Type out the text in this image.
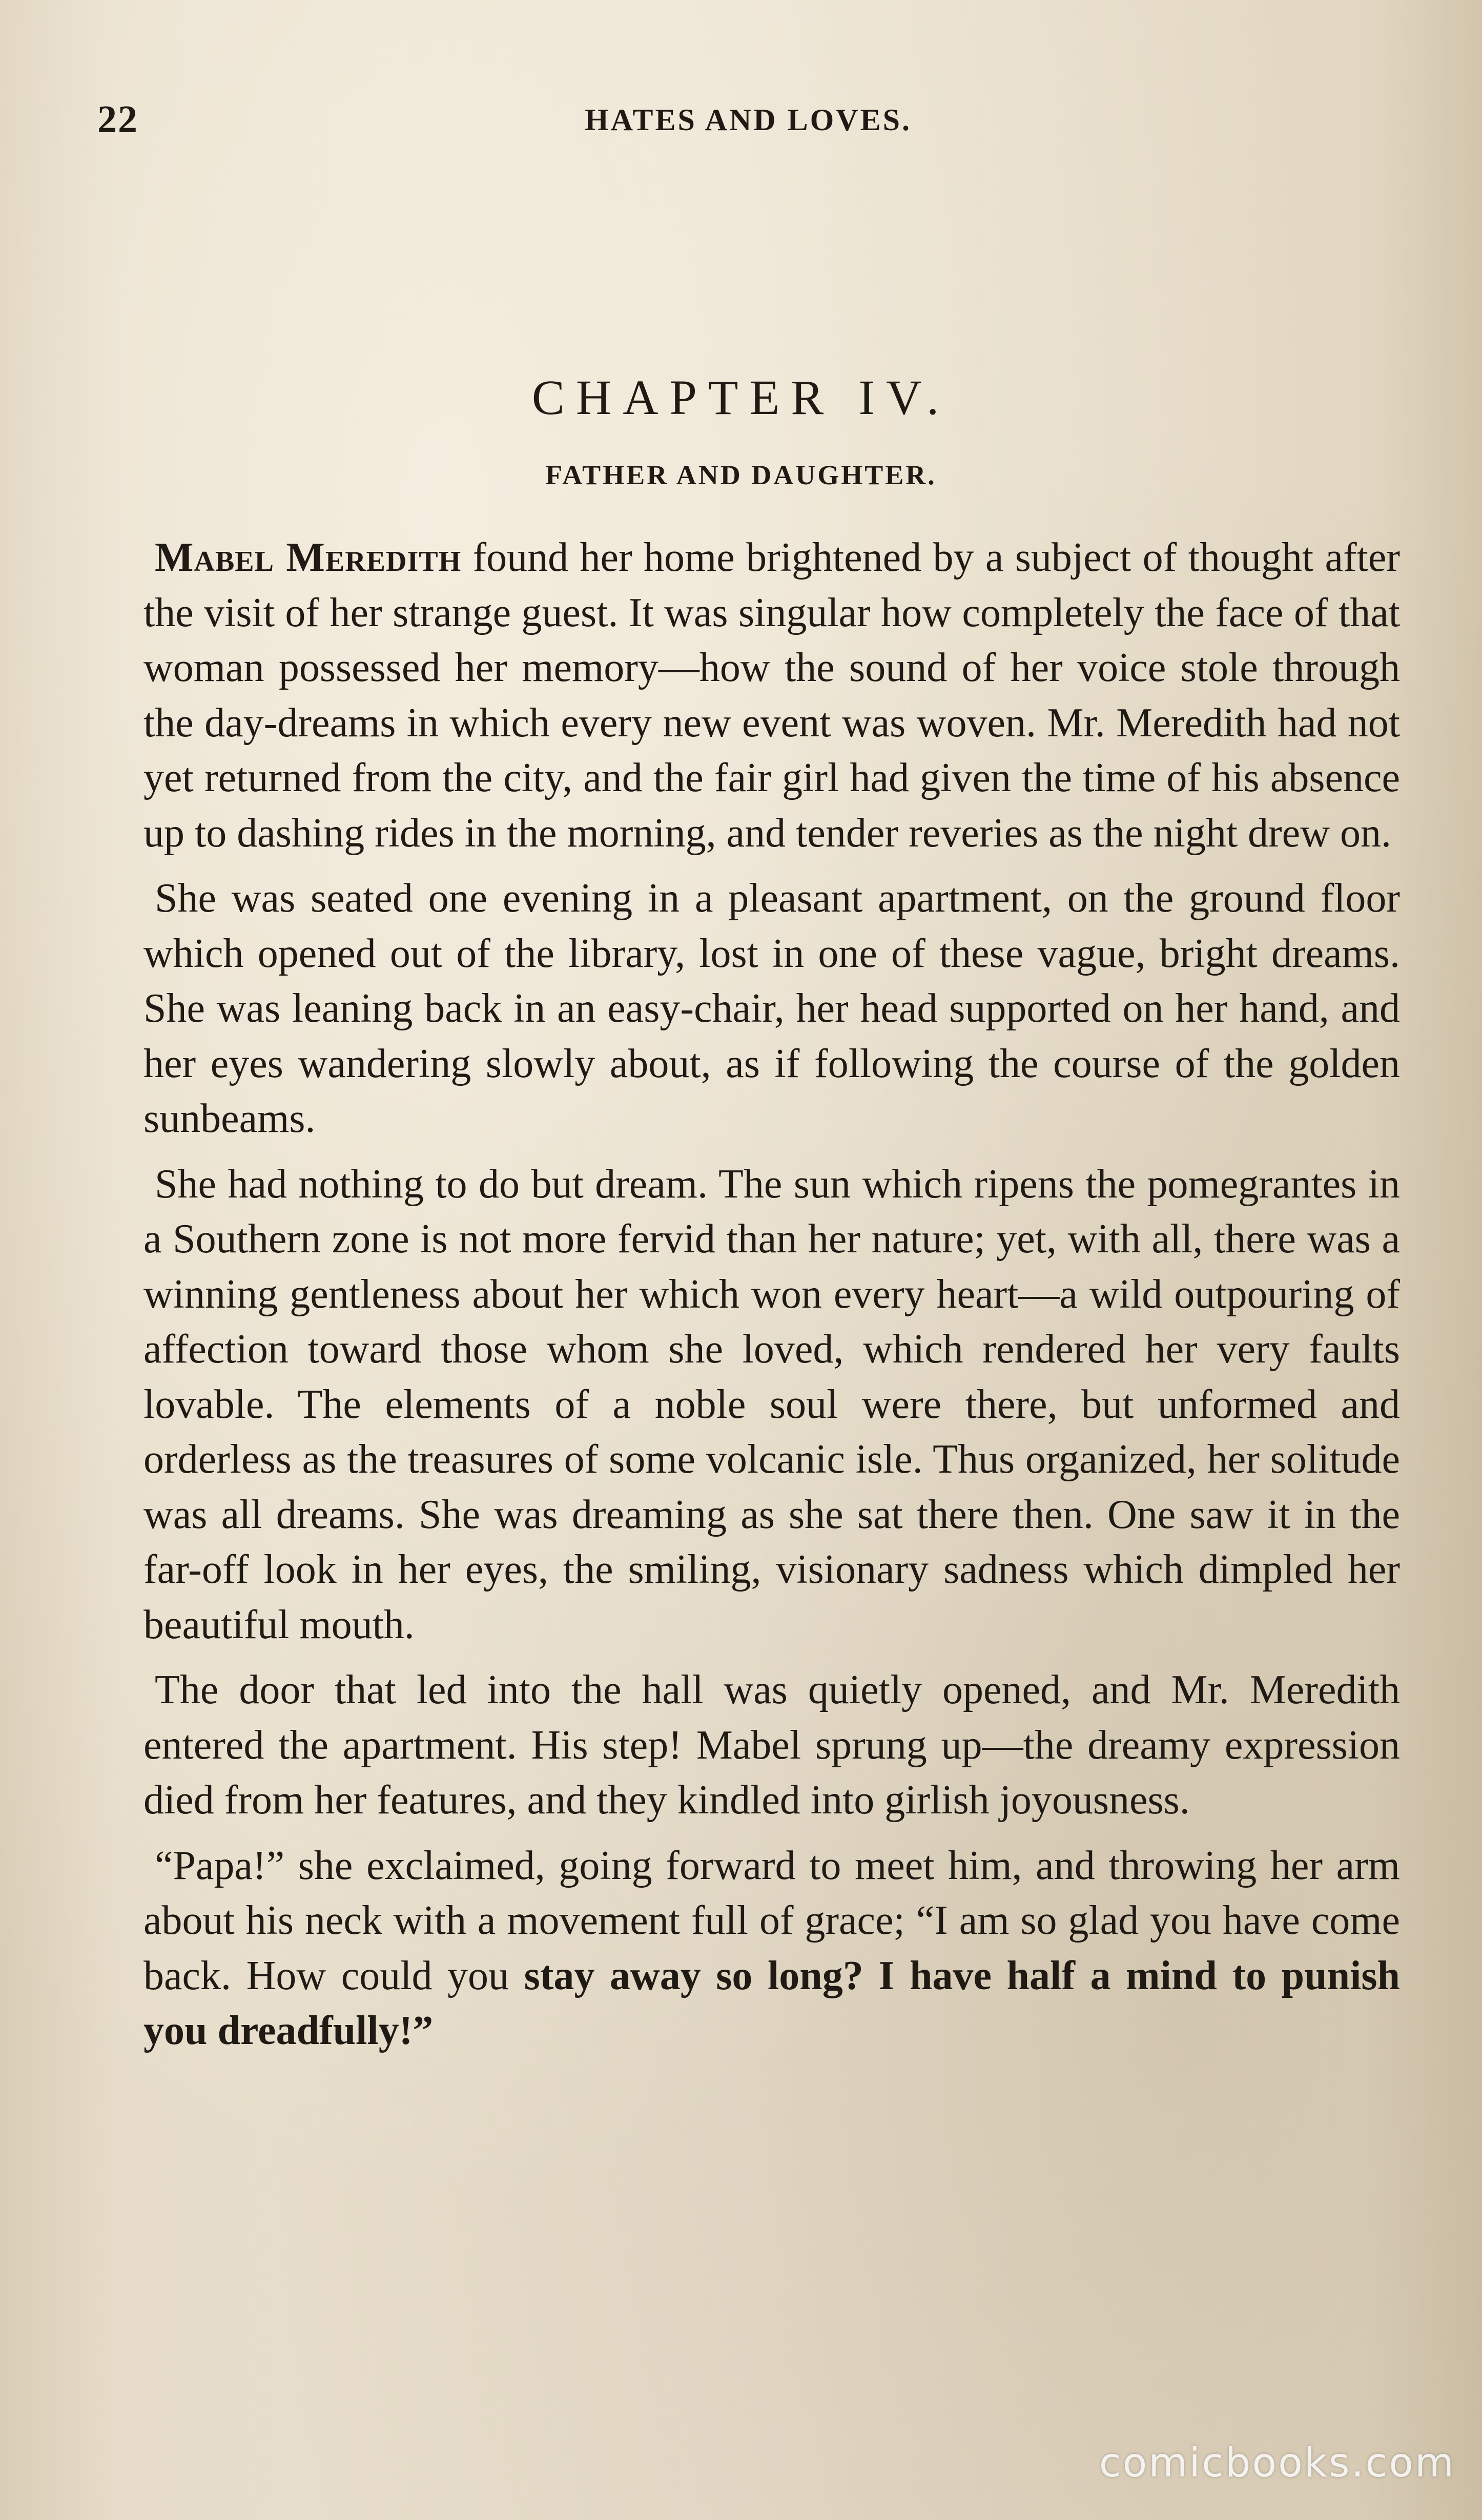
22	HATES AND LOVES.
CHAPTER IV.
FATHER AND DAUGHTER.

Mabel Meredith found her home brightened by a subject of thought after the visit of her strange guest. It was singular how completely the face of that woman possessed her memory—how the sound of her voice stole through the day-dreams in which every new event was woven. Mr. Meredith had not yet returned from the city, and the fair girl had given the time of his absence up to dashing rides in the morning, and tender reveries as the night drew on.

She was seated one evening in a pleasant apartment, on the ground floor which opened out of the library, lost in one of these vague, bright dreams. She was leaning back in an easy-chair, her head supported on her hand, and her eyes wandering slowly about, as if following the course of the golden sunbeams.

She had nothing to do but dream. The sun which ripens the pomegrantes in a Southern zone is not more fervid than her nature; yet, with all, there was a winning gentleness about her which won every heart—a wild outpouring of affection toward those whom she loved, which rendered her very faults lovable. The elements of a noble soul were there, but unformed and orderless as the treasures of some volcanic isle. Thus organized, her solitude was all dreams. She was dreaming as she sat there then. One saw it in the far-off look in her eyes, the smiling, visionary sadness which dimpled her beautiful mouth.

The door that led into the hall was quietly opened, and Mr. Meredith entered the apartment. His step! Mabel sprung up—the dreamy expression died from her features, and they kindled into girlish joyousness.

“Papa!” she exclaimed, going forward to meet him, and throwing her arm about his neck with a movement full of grace; “I am so glad you have come back. How could you stay away so long? I have half a mind to punish you dreadfully!”

comicbooks.com
